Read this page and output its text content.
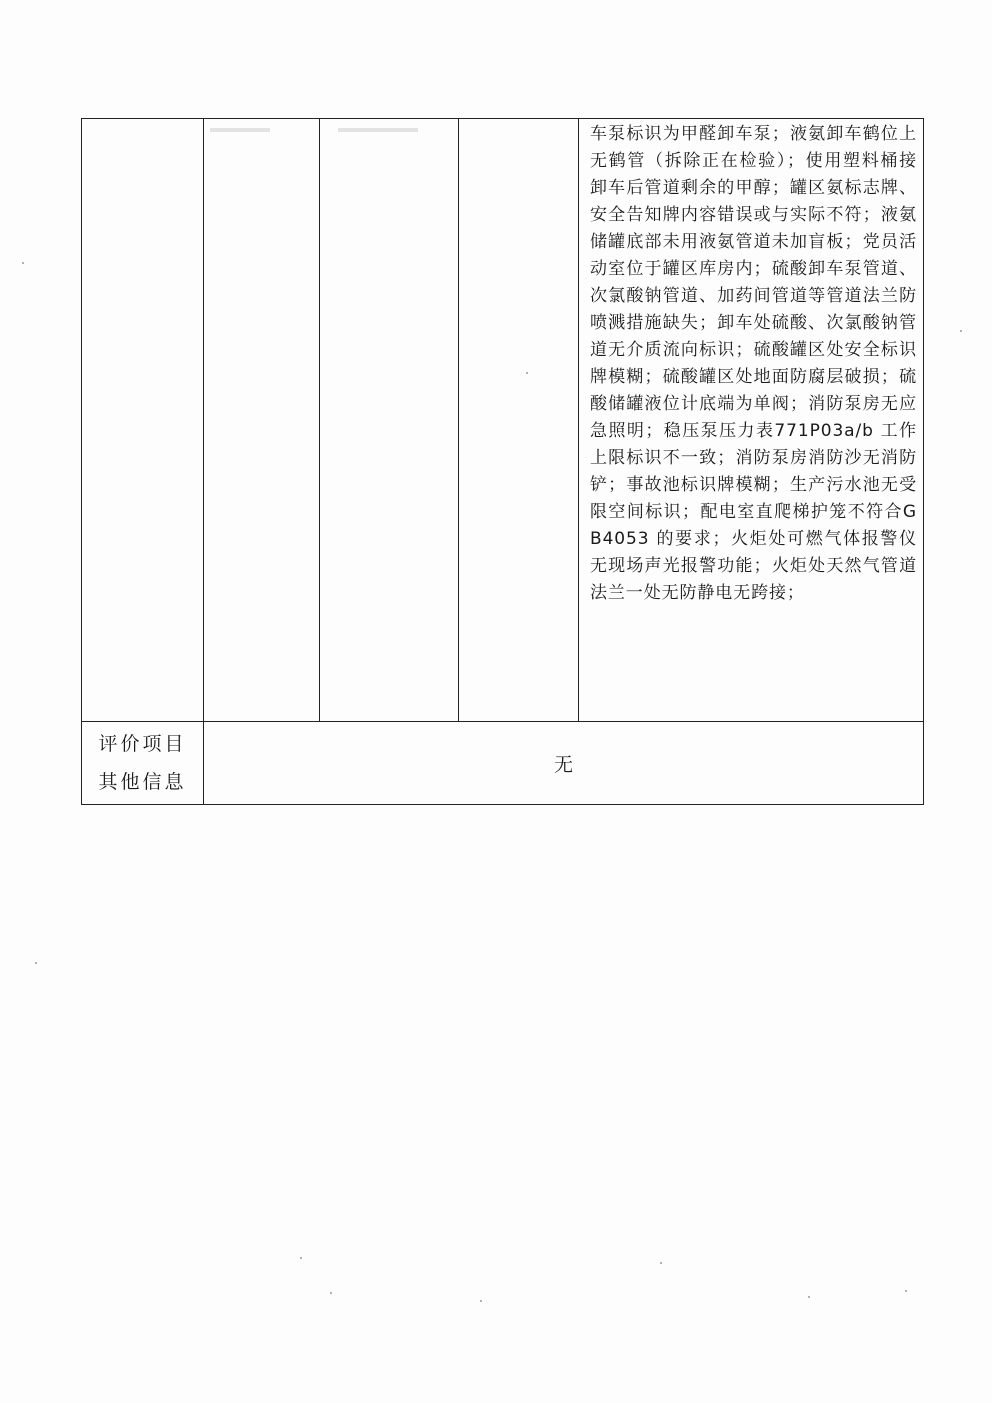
车泵标识为甲醛卸车泵；液氨卸车鹤位上无鹤管（拆除正在检验）；使用塑料桶接卸车后管道剩余的甲醇；罐区氨标志牌、安全告知牌内容错误或与实际不符；液氨储罐底部未用液氨管道未加盲板；党员活动室位于罐区库房内；硫酸卸车泵管道、次氯酸钠管道、加药间管道等管道法兰防喷溅措施缺失；卸车处硫酸、次氯酸钠管道无介质流向标识；硫酸罐区处安全标识牌模糊；硫酸罐区处地面防腐层破损；硫酸储罐液位计底端为单阀；消防泵房无应急照明；稳压泵压力表771P03a/b 工作上限标识不一致；消防泵房消防沙无消防铲；事故池标识牌模糊；生产污水池无受限空间标识；配电室直爬梯护笼不符合GB4053 的要求；火炬处可燃气体报警仪无现场声光报警功能；火炬处天然气管道法兰一处无防静电无跨接；

评价项目
其他信息	无			
